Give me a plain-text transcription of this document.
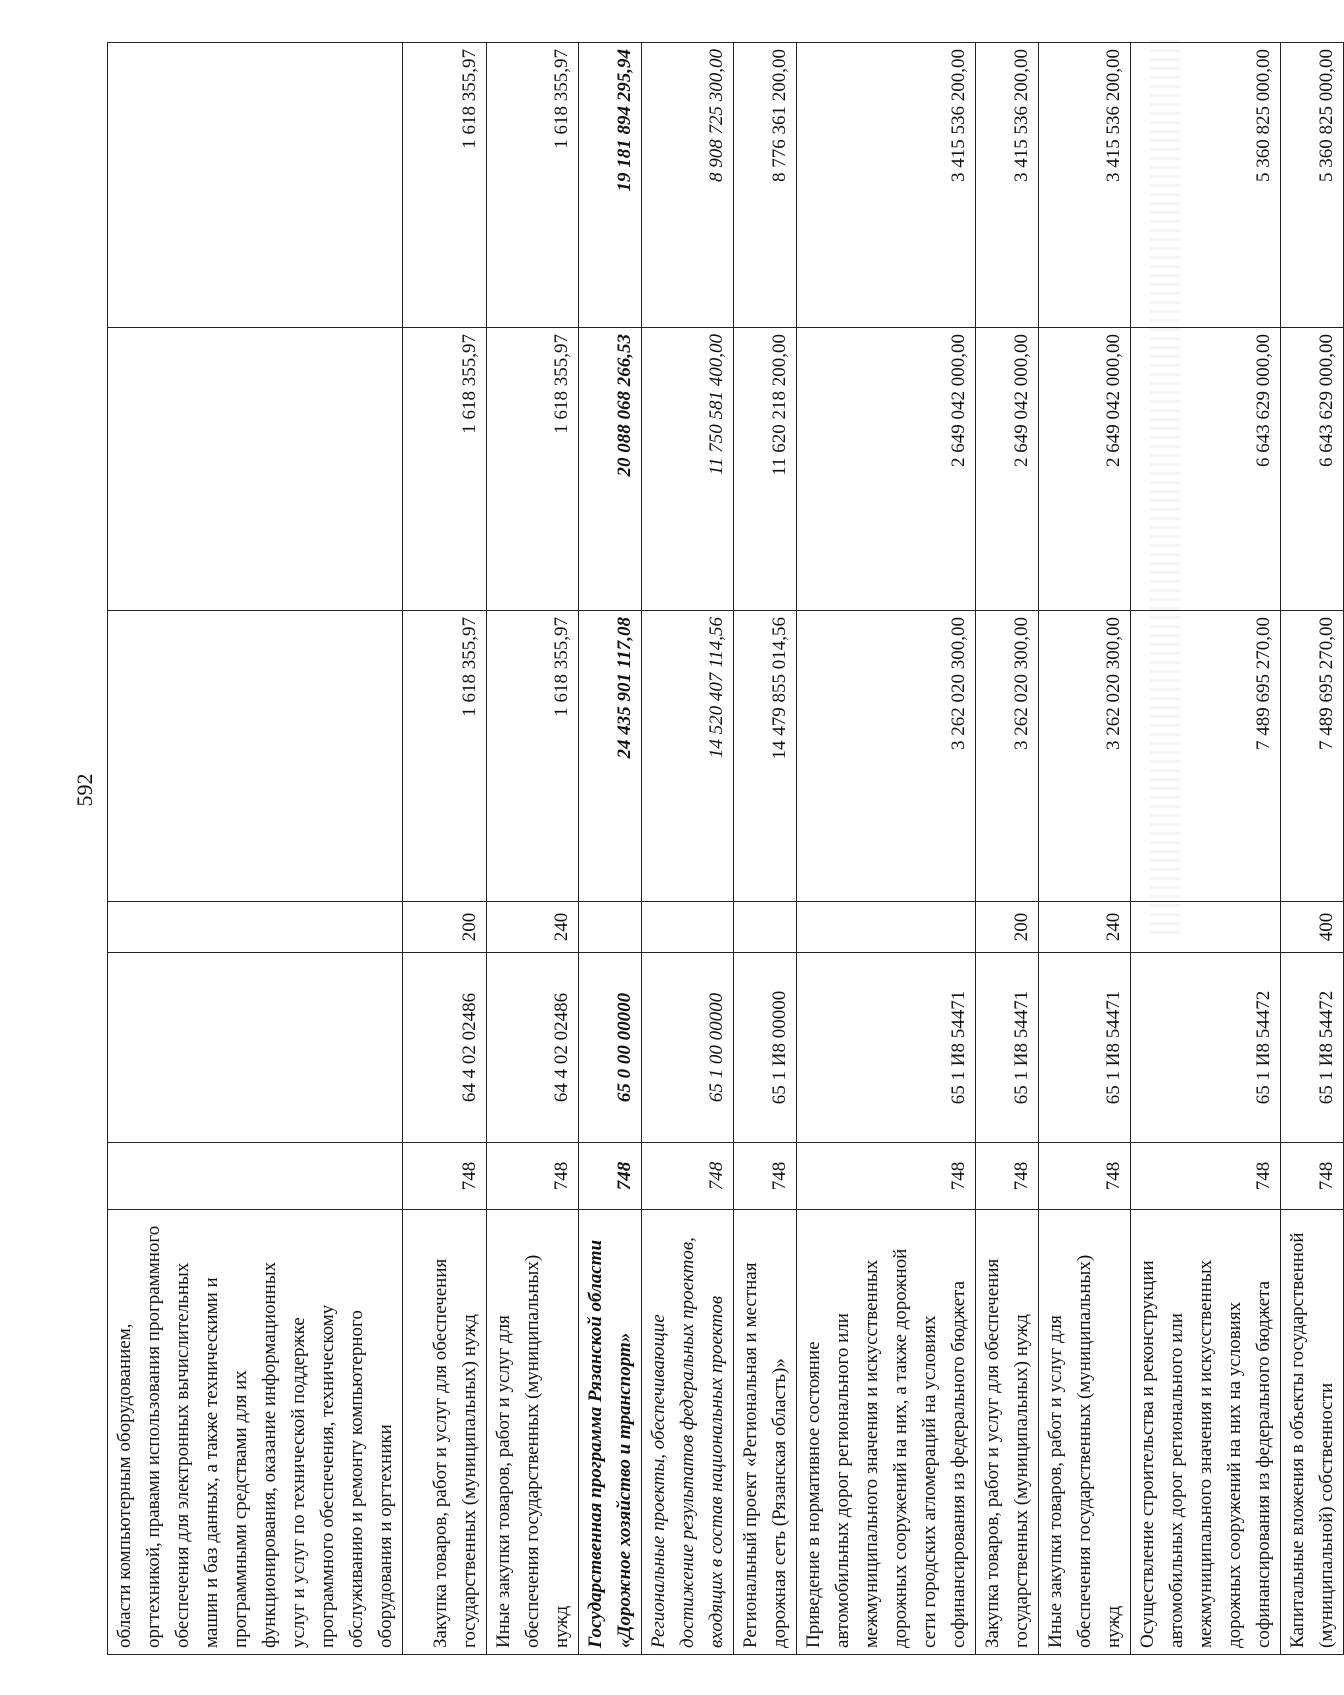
592
области компьютерным оборудованием, оргтехникой, правами использования программного обеспечения для электронных вычислительных машин и баз данных, а также техническими и программными средствами для их функционирования, оказание информационных услуг и услуг по технической поддержке программного обеспечения, техническому обслуживанию и ремонту компьютерного оборудования и оргтехники						
Закупка товаров, работ и услуг для обеспечения государственных (муниципальных) нужд	748	64 4 02 02486	200	1 618 355,97	1 618 355,97	1 618 355,97
Иные закупки товаров, работ и услуг для обеспечения государственных (муниципальных) нужд	748	64 4 02 02486	240	1 618 355,97	1 618 355,97	1 618 355,97
Государственная программа Рязанской области «Дорожное хозяйство и транспорт»	748	65 0 00 00000		24 435 901 117,08	20 088 068 266,53	19 181 894 295,94
Региональные проекты, обеспечивающие достижение результатов федеральных проектов, входящих в состав национальных проектов	748	65 1 00 00000		14 520 407 114,56	11 750 581 400,00	8 908 725 300,00
Региональный проект «Региональная и местная дорожная сеть (Рязанская область)»	748	65 1 И8 00000		14 479 855 014,56	11 620 218 200,00	8 776 361 200,00
Приведение в нормативное состояние автомобильных дорог регионального или межмуниципального значения и искусственных дорожных сооружений на них, а также дорожной сети городских агломераций на условиях софинансирования из федерального бюджета	748	65 1 И8 54471		3 262 020 300,00	2 649 042 000,00	3 415 536 200,00
Закупка товаров, работ и услуг для обеспечения государственных (муниципальных) нужд	748	65 1 И8 54471	200	3 262 020 300,00	2 649 042 000,00	3 415 536 200,00
Иные закупки товаров, работ и услуг для обеспечения государственных (муниципальных) нужд	748	65 1 И8 54471	240	3 262 020 300,00	2 649 042 000,00	3 415 536 200,00
Осуществление строительства и реконструкции автомобильных дорог регионального или межмуниципального значения и искусственных дорожных сооружений на них на условиях софинансирования из федерального бюджета	748	65 1 И8 54472		7 489 695 270,00	6 643 629 000,00	5 360 825 000,00
Капитальные вложения в объекты государственной (муниципальной) собственности	748	65 1 И8 54472	400	7 489 695 270,00	6 643 629 000,00	5 360 825 000,00
